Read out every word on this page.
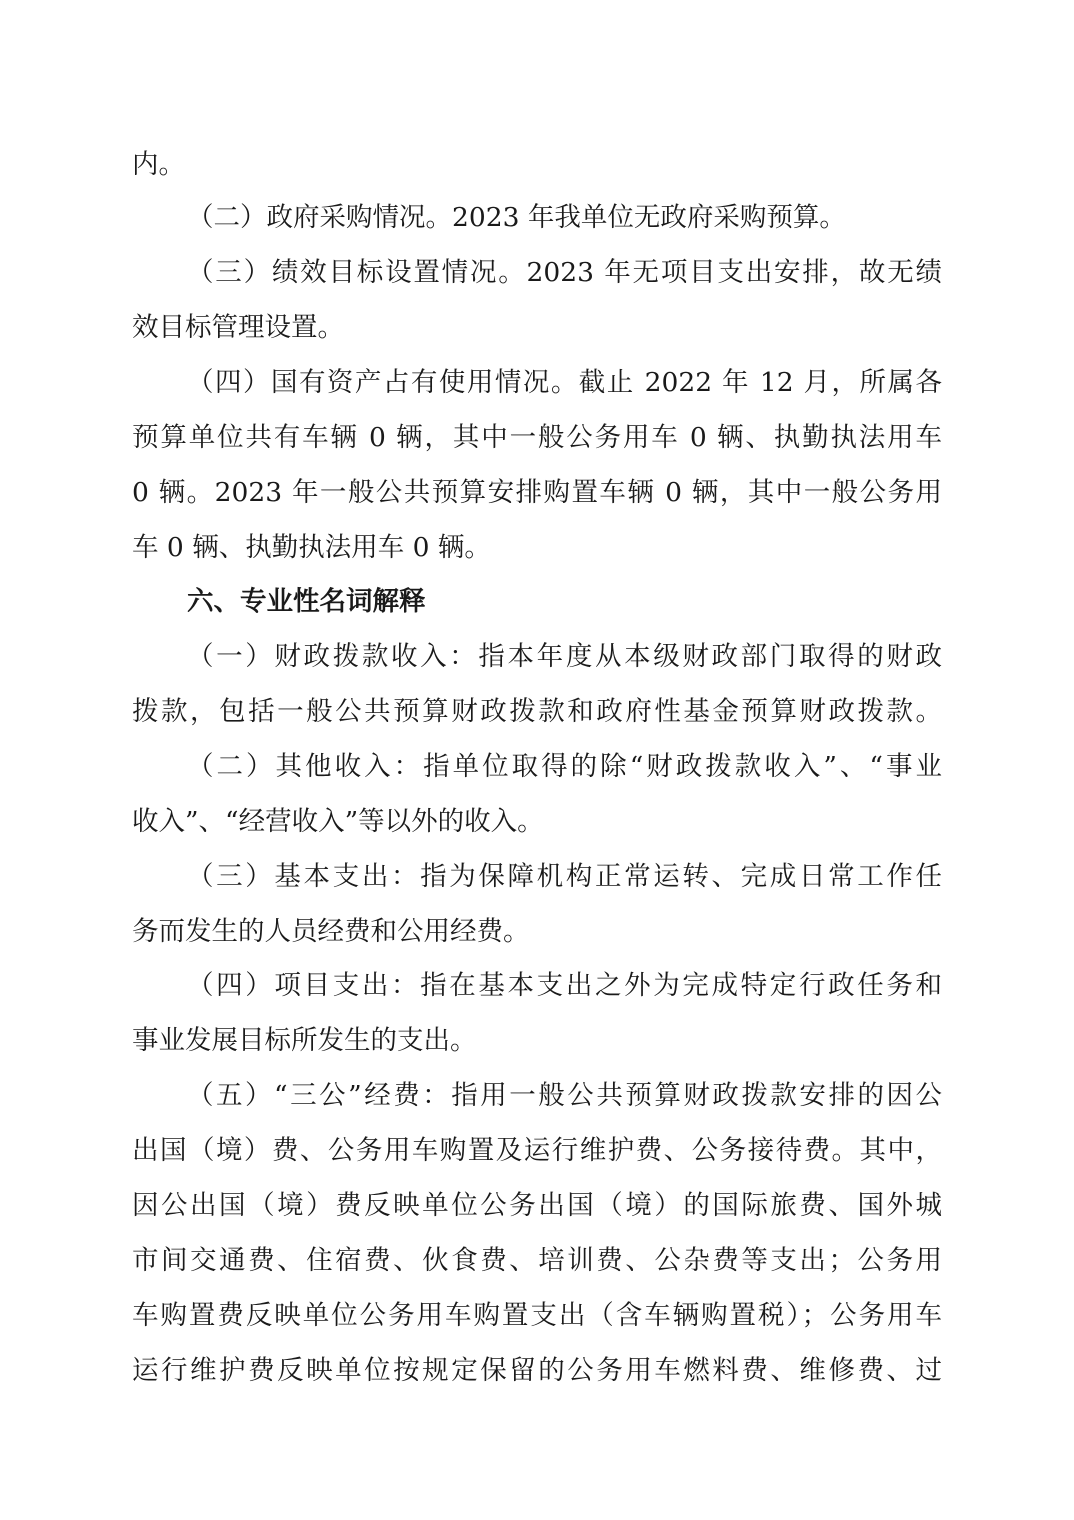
内。
（二）政府采购情况。2023 年我单位无政府采购预算。
（三）绩效目标设置情况。2023 年无项目支出安排，故无绩
效目标管理设置。
（四）国有资产占有使用情况。截止 2022 年 12 月，所属各
预算单位共有车辆 0 辆，其中一般公务用车 0 辆、执勤执法用车
0 辆。2023 年一般公共预算安排购置车辆 0 辆，其中一般公务用
车 0 辆、执勤执法用车 0 辆。
六、专业性名词解释
（一）财政拨款收入：指本年度从本级财政部门取得的财政
拨款，包括一般公共预算财政拨款和政府性基金预算财政拨款。
（二）其他收入：指单位取得的除“财政拨款收入”、“事业
收入”、“经营收入”等以外的收入。
（三）基本支出：指为保障机构正常运转、完成日常工作任
务而发生的人员经费和公用经费。
（四）项目支出：指在基本支出之外为完成特定行政任务和
事业发展目标所发生的支出。
（五）“三公”经费：指用一般公共预算财政拨款安排的因公
出国（境）费、公务用车购置及运行维护费、公务接待费。其中，
因公出国（境）费反映单位公务出国（境）的国际旅费、国外城
市间交通费、住宿费、伙食费、培训费、公杂费等支出；公务用
车购置费反映单位公务用车购置支出（含车辆购置税）；公务用车
运行维护费反映单位按规定保留的公务用车燃料费、维修费、过
